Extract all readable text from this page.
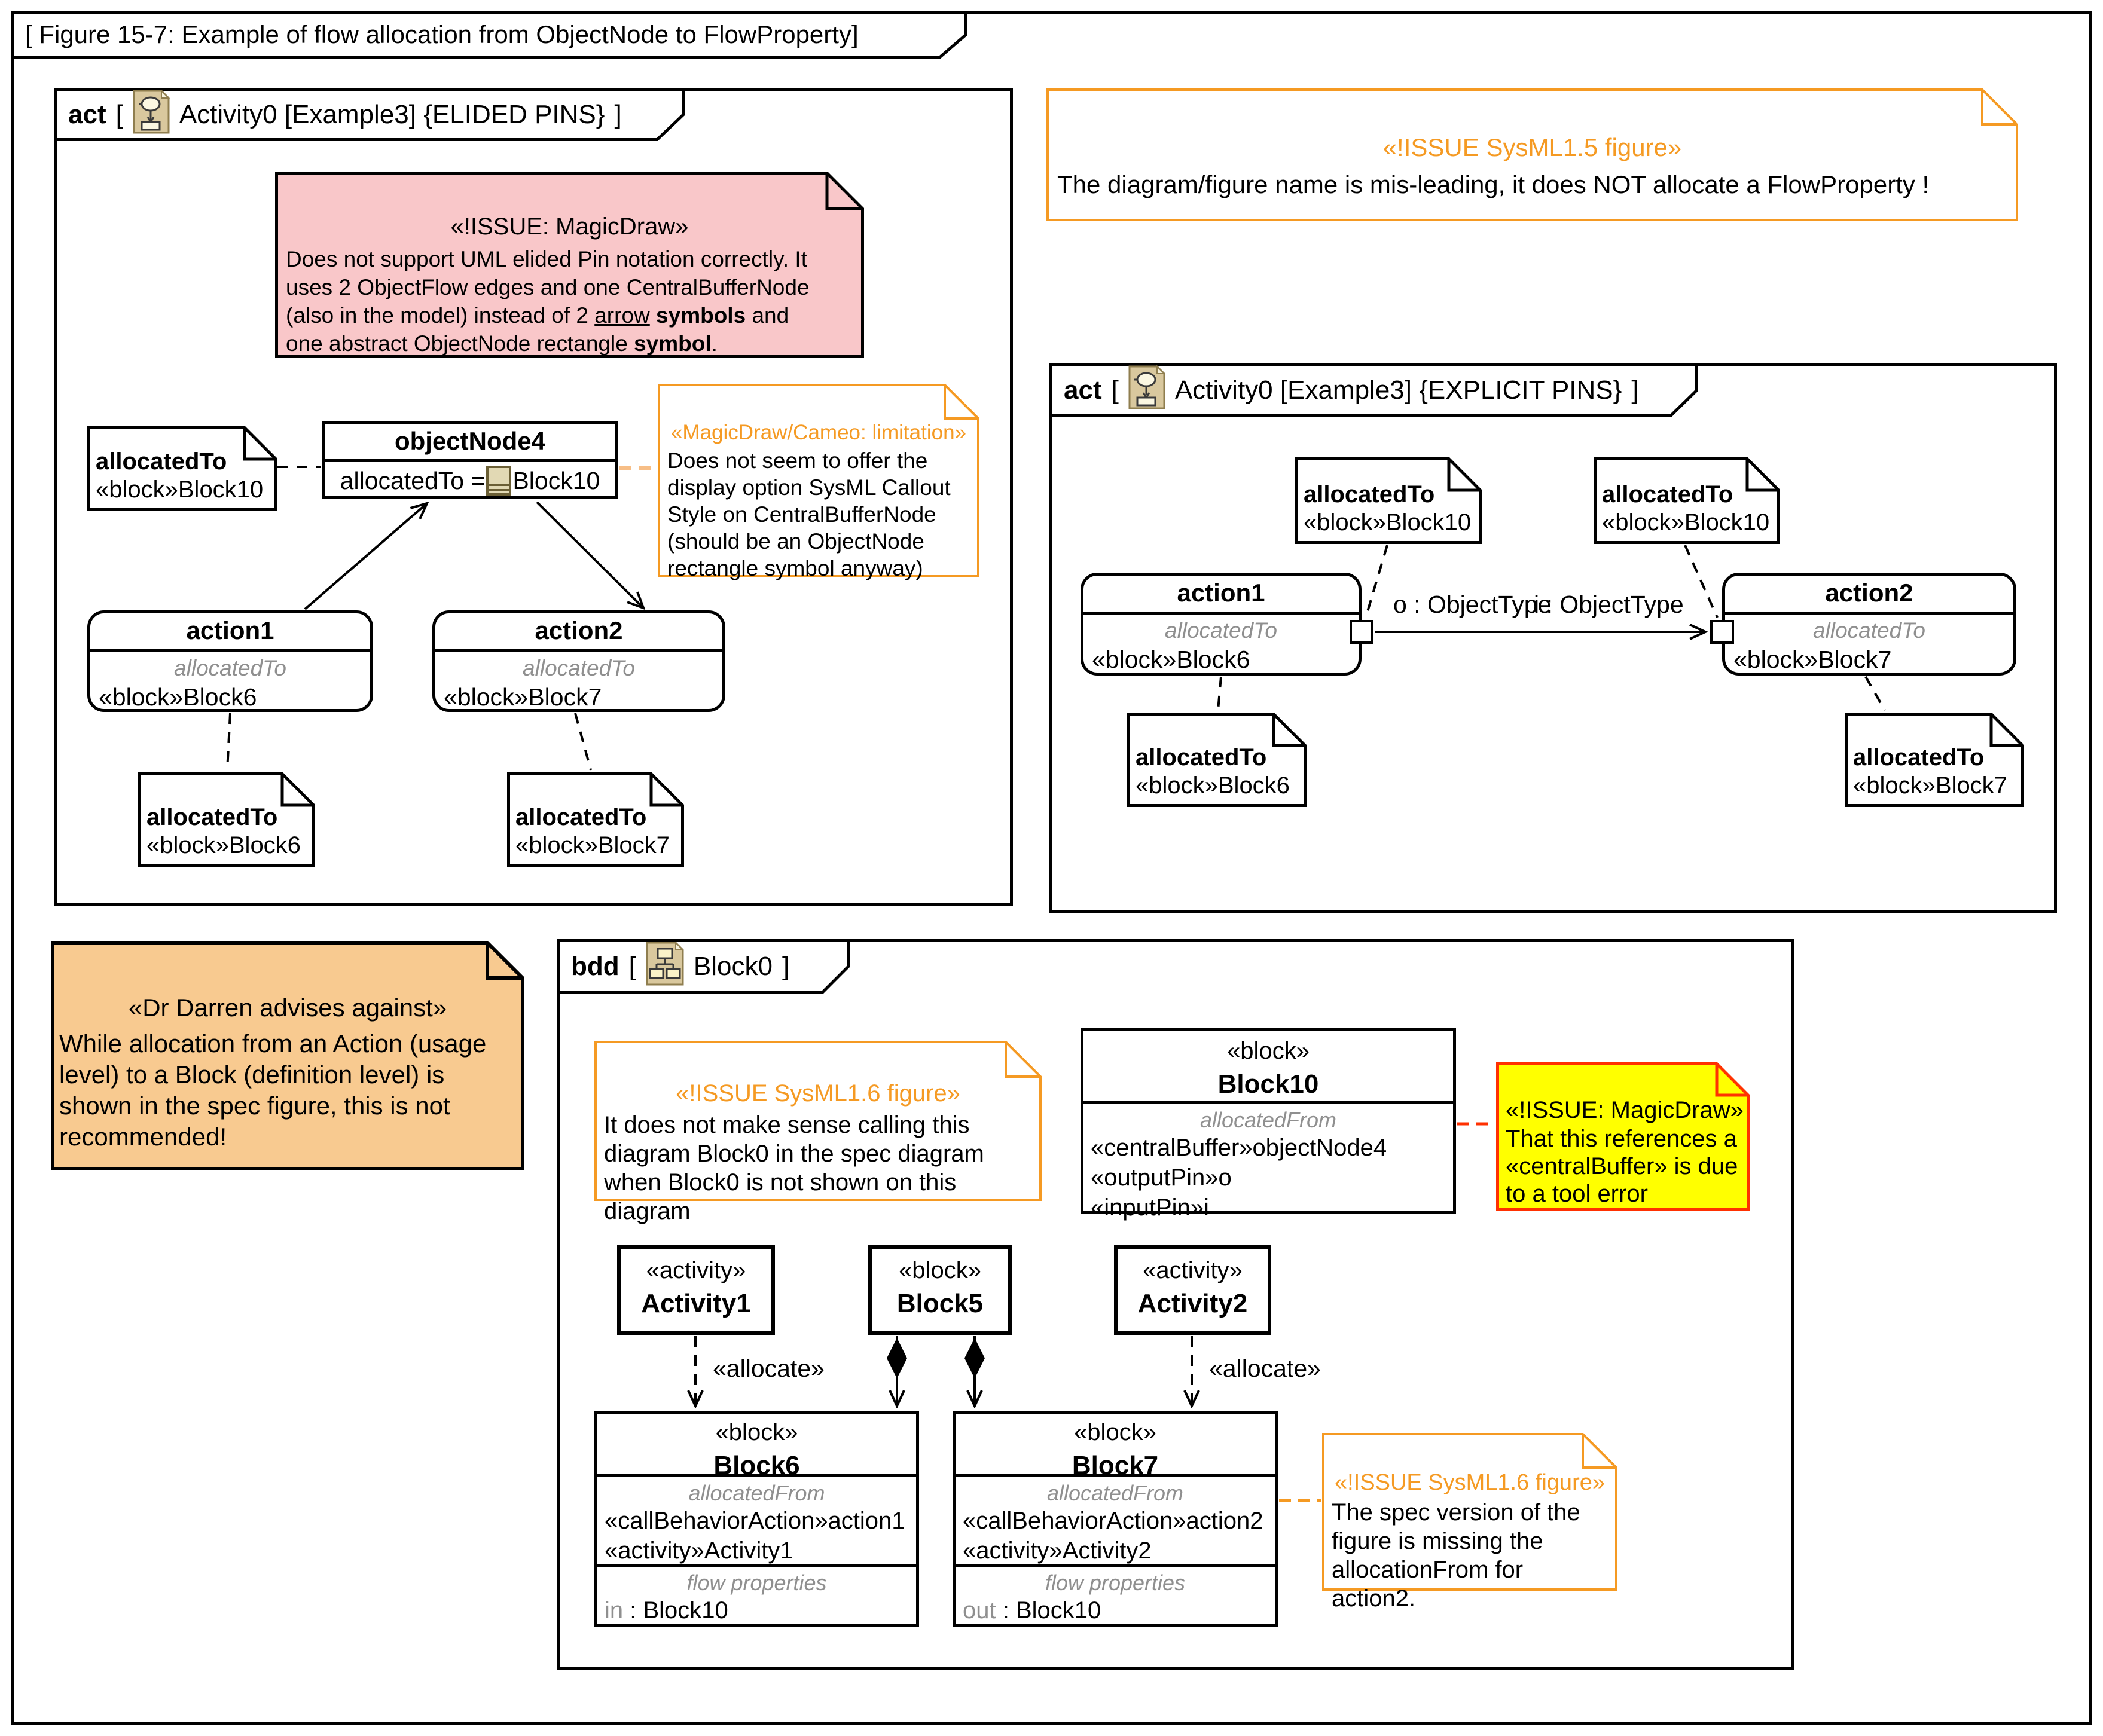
[ Figure 15-7: Example of flow allocation from ObjectNode to FlowProperty]
act [ Activity0 [Example3] {ELIDED PINS} ]
«!ISSUE: MagicDraw»
Does not support UML elided Pin notation correctly. It
uses 2 ObjectFlow edges and one CentralBufferNode
(also in the model) instead of 2 arrow symbols and
one abstract ObjectNode rectangle symbol.
allocatedTo
«block»Block10
objectNode4
allocatedTo = Block10
«MagicDraw/Cameo: limitation»
Does not seem to offer the display option SysML Callout Style on CentralBufferNode (should be an ObjectNode rectangle symbol anyway)
action1
allocatedTo
«block»Block6
action2
allocatedTo
«block»Block7
allocatedTo
«block»Block6
allocatedTo
«block»Block7
«!ISSUE SysML1.5 figure»
The diagram/figure name is mis-leading, it does NOT allocate a FlowProperty !
act [ Activity0 [Example3] {EXPLICIT PINS} ]
allocatedTo
«block»Block10
allocatedTo
«block»Block10
action1
allocatedTo
«block»Block6
action2
allocatedTo
«block»Block7
o : ObjectType
i : ObjectType
allocatedTo
«block»Block6
allocatedTo
«block»Block7
«Dr Darren advises against»
While allocation from an Action (usage level) to a Block (definition level) is shown in the spec figure, this is not recommended!
bdd [ Block0 ]
«!ISSUE SysML1.6 figure»
It does not make sense calling this diagram Block0 in the spec diagram when Block0 is not shown on this diagram
«block»
Block10
allocatedFrom
«centralBuffer»objectNode4
«outputPin»o
«inputPin»i
«!ISSUE: MagicDraw»
That this references a «centralBuffer» is due to a tool error
«activity»
Activity1
«block»
Block5
«activity»
Activity2
«allocate»	«allocate»
«block»
Block6
allocatedFrom
«callBehaviorAction»action1
«activity»Activity1
flow properties
in : Block10
«block»
Block7
allocatedFrom
«callBehaviorAction»action2
«activity»Activity2
flow properties
out : Block10
«!ISSUE SysML1.6 figure»
The spec version of the figure is missing the allocationFrom for action2.
